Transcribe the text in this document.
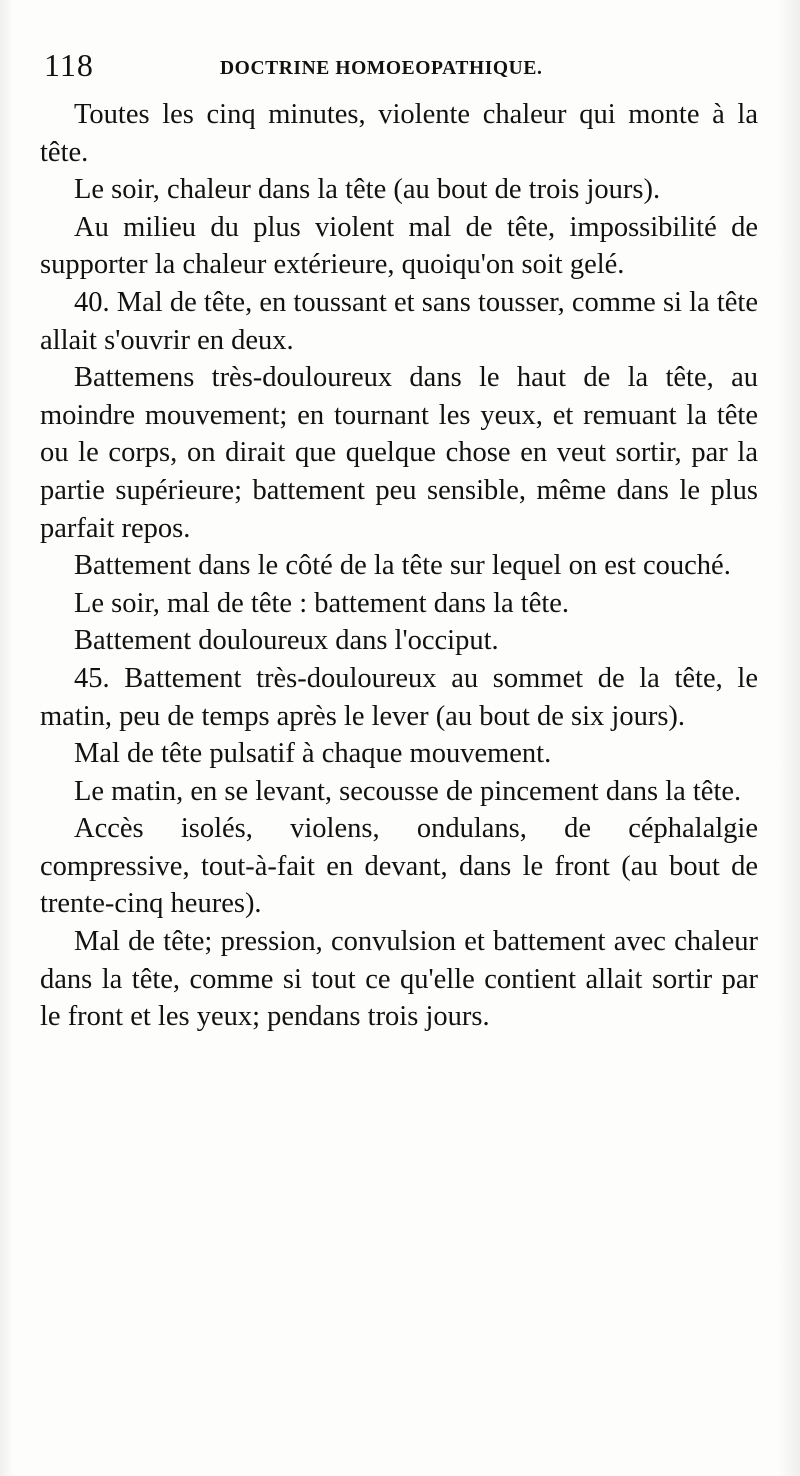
118	DOCTRINE HOMOEOPATHIQUE.

Toutes les cinq minutes, violente chaleur qui monte à la tête.

Le soir, chaleur dans la tête (au bout de trois jours).

Au milieu du plus violent mal de tête, impossibilité de supporter la chaleur extérieure, quoiqu'on soit gelé.

40. Mal de tête, en toussant et sans tousser, comme si la tête allait s'ouvrir en deux.

Battemens très-douloureux dans le haut de la tête, au moindre mouvement; en tournant les yeux, et remuant la tête ou le corps, on dirait que quelque chose en veut sortir, par la partie supérieure; battement peu sensible, même dans le plus parfait repos.

Battement dans le côté de la tête sur lequel on est couché.

Le soir, mal de tête : battement dans la tête.

Battement douloureux dans l'occiput.

45. Battement très-douloureux au sommet de la tête, le matin, peu de temps après le lever (au bout de six jours).

Mal de tête pulsatif à chaque mouvement.

Le matin, en se levant, secousse de pincement dans la tête.

Accès isolés, violens, ondulans, de céphalalgie compressive, tout-à-fait en devant, dans le front (au bout de trente-cinq heures).

Mal de tête; pression, convulsion et battement avec chaleur dans la tête, comme si tout ce qu'elle contient allait sortir par le front et les yeux; pendans trois jours.
